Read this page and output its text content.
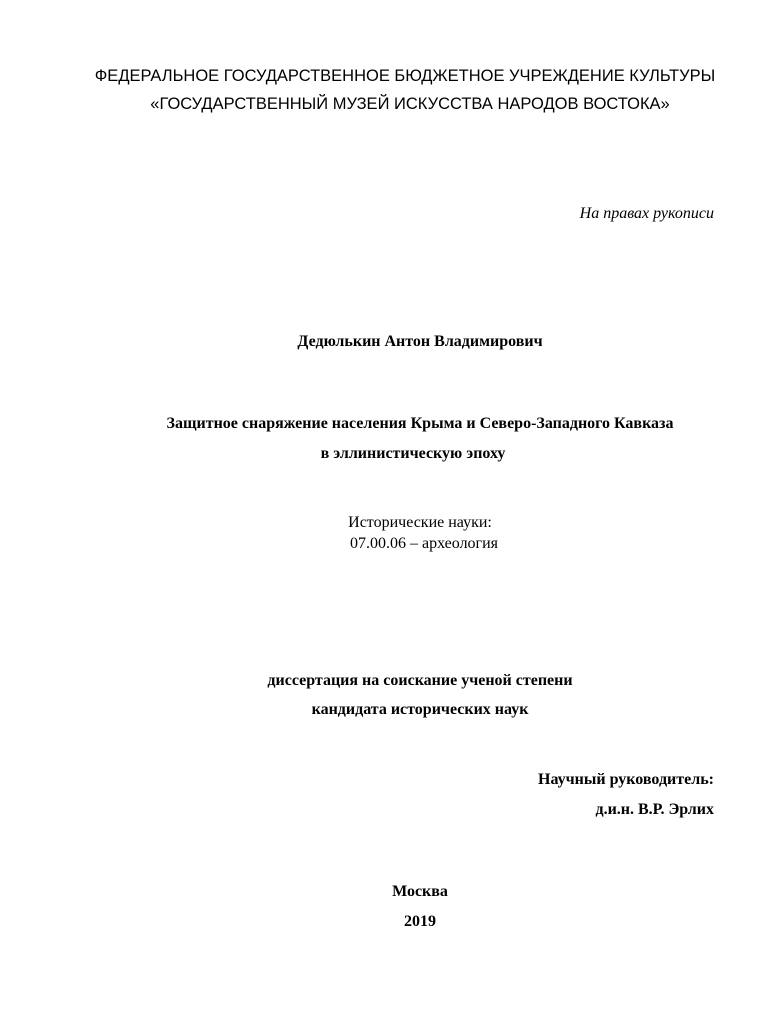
ФЕДЕРАЛЬНОЕ ГОСУДАРСТВЕННОЕ БЮДЖЕТНОЕ УЧРЕЖДЕНИЕ КУЛЬТУРЫ
«ГОСУДАРСТВЕННЫЙ МУЗЕЙ ИСКУССТВА НАРОДОВ ВОСТОКА»
На правах рукописи
Дедюлькин Антон Владимирович
Защитное снаряжение населения Крыма и Северо-Западного Кавказа
в эллинистическую эпоху
Исторические науки:
07.00.06 – археология
диссертация на соискание ученой степени
кандидата исторических наук
Научный руководитель:
д.и.н. В.Р. Эрлих
Москва
2019
